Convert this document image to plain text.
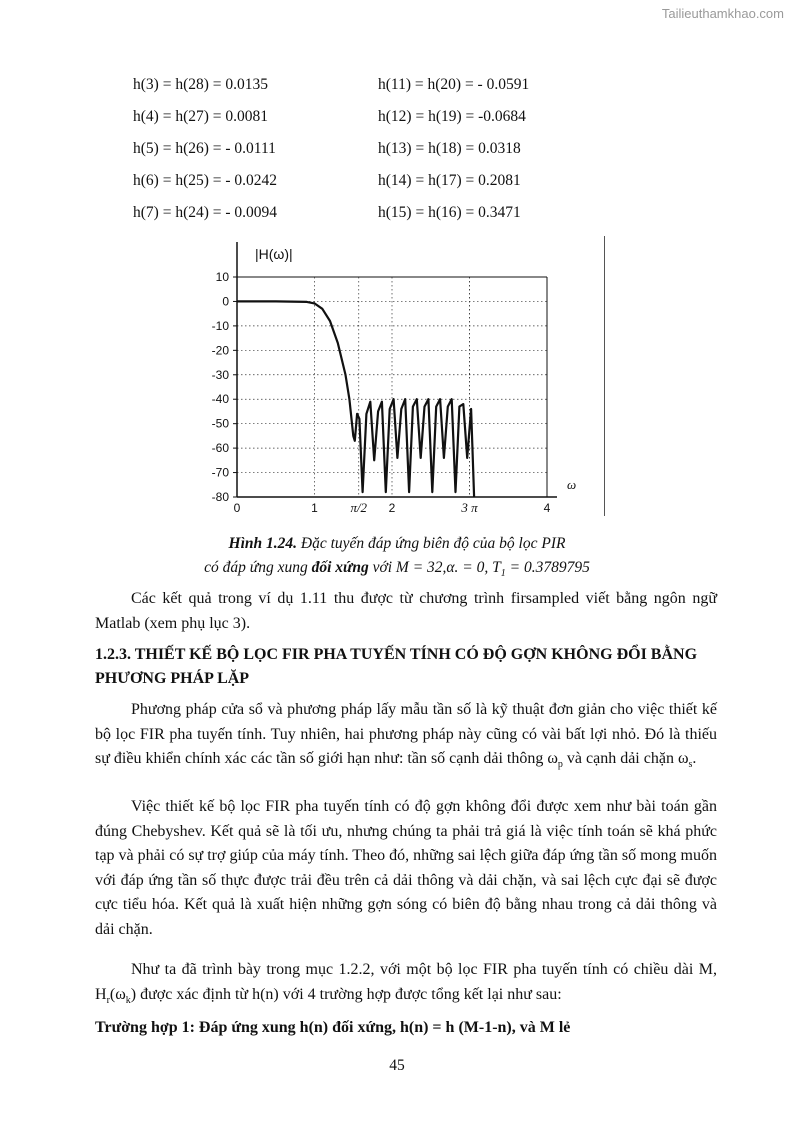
Tailieuthamkhao.com
h(3) = h(28) = 0.0135	h(11) = h(20) = - 0.0591
h(4) = h(27) = 0.0081	h(12) = h(19) = -0.0684
h(5) = h(26) = - 0.0111	h(13) = h(18) = 0.0318
h(6) = h(25) = - 0.0242	h(14) = h(17) = 0.2081
h(7) = h(24) = - 0.0094	h(15) = h(16) = 0.3471
10
0
-10
-20
-30
-40
-50
-60
-70
-80
0	1	2	4
π/2	3 π
|H(ω)|
ω
Hình 1.24. Đặc tuyến đáp ứng biên độ của bộ lọc PIR
có đáp ứng xung đối xứng với M = 32,α. = 0, $T_1 = 0.3789795$
Các kết quả trong ví dụ 1.11 thu được từ chương trình firsampled viết bằng ngôn ngữ Matlab (xem phụ lục 3).
1.2.3. THIẾT KẾ BỘ LỌC FIR PHA TUYẾN TÍNH CÓ ĐỘ GỢN KHÔNG ĐỔI BẰNG PHƯƠNG PHÁP LẶP
Phương pháp cửa sổ và phương pháp lấy mẫu tần số là kỹ thuật đơn giản cho việc thiết kế bộ lọc FIR pha tuyến tính. Tuy nhiên, hai phương pháp này cũng có vài bất lợi nhỏ. Đó là thiếu sự điều khiển chính xác các tần số giới hạn như: tần số cạnh dải thông $\omega_p$ và cạnh dải chặn $\omega_s$.
Việc thiết kế bộ lọc FIR pha tuyến tính có độ gợn không đổi được xem như bài toán gần đúng Chebyshev. Kết quả sẽ là tối ưu, nhưng chúng ta phải trả giá là việc tính toán sẽ khá phức tạp và phải có sự trợ giúp của máy tính. Theo đó, những sai lệch giữa đáp ứng tần số mong muốn với đáp ứng tần số thực được trải đều trên cả dải thông và dải chặn, và sai lệch cực đại sẽ được cực tiểu hóa. Kết quả là xuất hiện những gợn sóng có biên độ bằng nhau trong cả dải thông và dải chặn.
Như ta đã trình bày trong mục 1.2.2, với một bộ lọc FIR pha tuyến tính có chiều dài M, $H_r(\omega_k)$ được xác định từ h(n) với 4 trường hợp được tổng kết lại như sau:
Trường hợp 1: Đáp ứng xung h(n) đối xứng, h(n) = h (M-1-n), và M lẻ
45
